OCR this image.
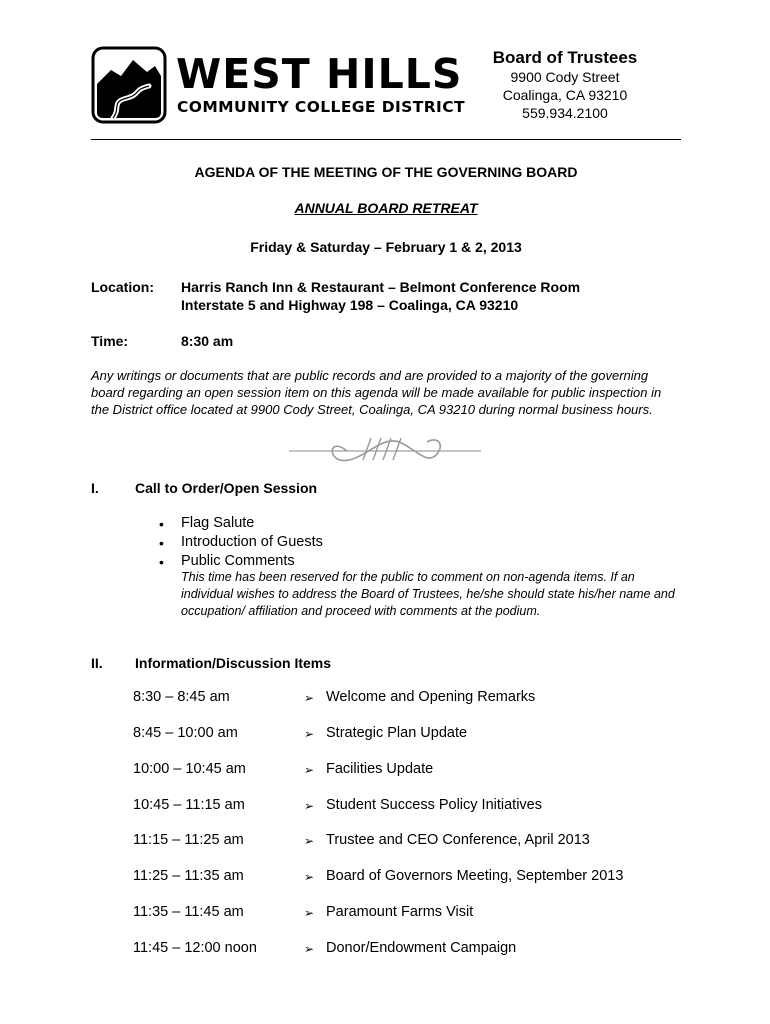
WEST HILLS
COMMUNITY COLLEGE DISTRICT
Board of Trustees
9900 Cody Street
Coalinga, CA 93210
559.934.2100
AGENDA OF THE MEETING OF THE GOVERNING BOARD
ANNUAL BOARD RETREAT
Friday & Saturday – February 1 & 2, 2013
Location: Harris Ranch Inn & Restaurant – Belmont Conference Room
Interstate 5 and Highway 198 – Coalinga, CA 93210
Time:	8:30 am
Any writings or documents that are public records and are provided to a majority of the governing board regarding an open session item on this agenda will be made available for public inspection in the District office located at 9900 Cody Street, Coalinga, CA 93210 during normal business hours.
I.	Call to Order/Open Session
• Flag Salute
• Introduction of Guests
• Public Comments
This time has been reserved for the public to comment on non-agenda items. If an individual wishes to address the Board of Trustees, he/she should state his/her name and occupation/ affiliation and proceed with comments at the podium.
II. Information/Discussion Items
8:30 – 8:45 am	➢ Welcome and Opening Remarks
8:45 – 10:00 am	➢ Strategic Plan Update
10:00 – 10:45 am	➢ Facilities Update
10:45 – 11:15 am	➢ Student Success Policy Initiatives
11:15 – 11:25 am	➢ Trustee and CEO Conference, April 2013
11:25 – 11:35 am	➢ Board of Governors Meeting, September 2013
11:35 – 11:45 am	➢ Paramount Farms Visit
11:45 – 12:00 noon	➢ Donor/Endowment Campaign
